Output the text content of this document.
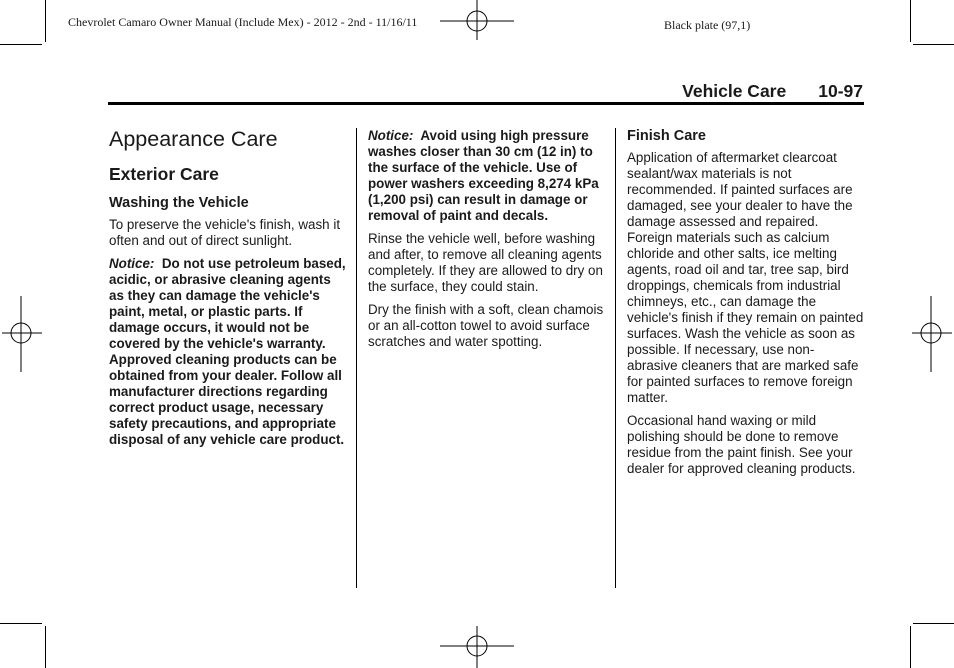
Chevrolet Camaro Owner Manual (Include Mex) - 2012 - 2nd - 11/16/11	Black plate (97,1)
Vehicle Care 10-97
Appearance Care
Exterior Care
Washing the Vehicle

To preserve the vehicle's finish, wash it often and out of direct sunlight.

Notice: Do not use petroleum based, acidic, or abrasive cleaning agents as they can damage the vehicle's paint, metal, or plastic parts. If damage occurs, it would not be covered by the vehicle's warranty. Approved cleaning products can be obtained from your dealer. Follow all manufacturer directions regarding correct product usage, necessary safety precautions, and appropriate disposal of any vehicle care product.

Notice: Avoid using high pressure washes closer than 30 cm (12 in) to the surface of the vehicle. Use of power washers exceeding 8,274 kPa (1,200 psi) can result in damage or removal of paint and decals.

Rinse the vehicle well, before washing and after, to remove all cleaning agents completely. If they are allowed to dry on the surface, they could stain.

Dry the finish with a soft, clean chamois or an all-cotton towel to avoid surface scratches and water spotting.

Finish Care

Application of aftermarket clearcoat sealant/wax materials is not recommended. If painted surfaces are damaged, see your dealer to have the damage assessed and repaired. Foreign materials such as calcium chloride and other salts, ice melting agents, road oil and tar, tree sap, bird droppings, chemicals from industrial chimneys, etc., can damage the vehicle's finish if they remain on painted surfaces. Wash the vehicle as soon as possible. If necessary, use non-abrasive cleaners that are marked safe for painted surfaces to remove foreign matter.

Occasional hand waxing or mild polishing should be done to remove residue from the paint finish. See your dealer for approved cleaning products.
